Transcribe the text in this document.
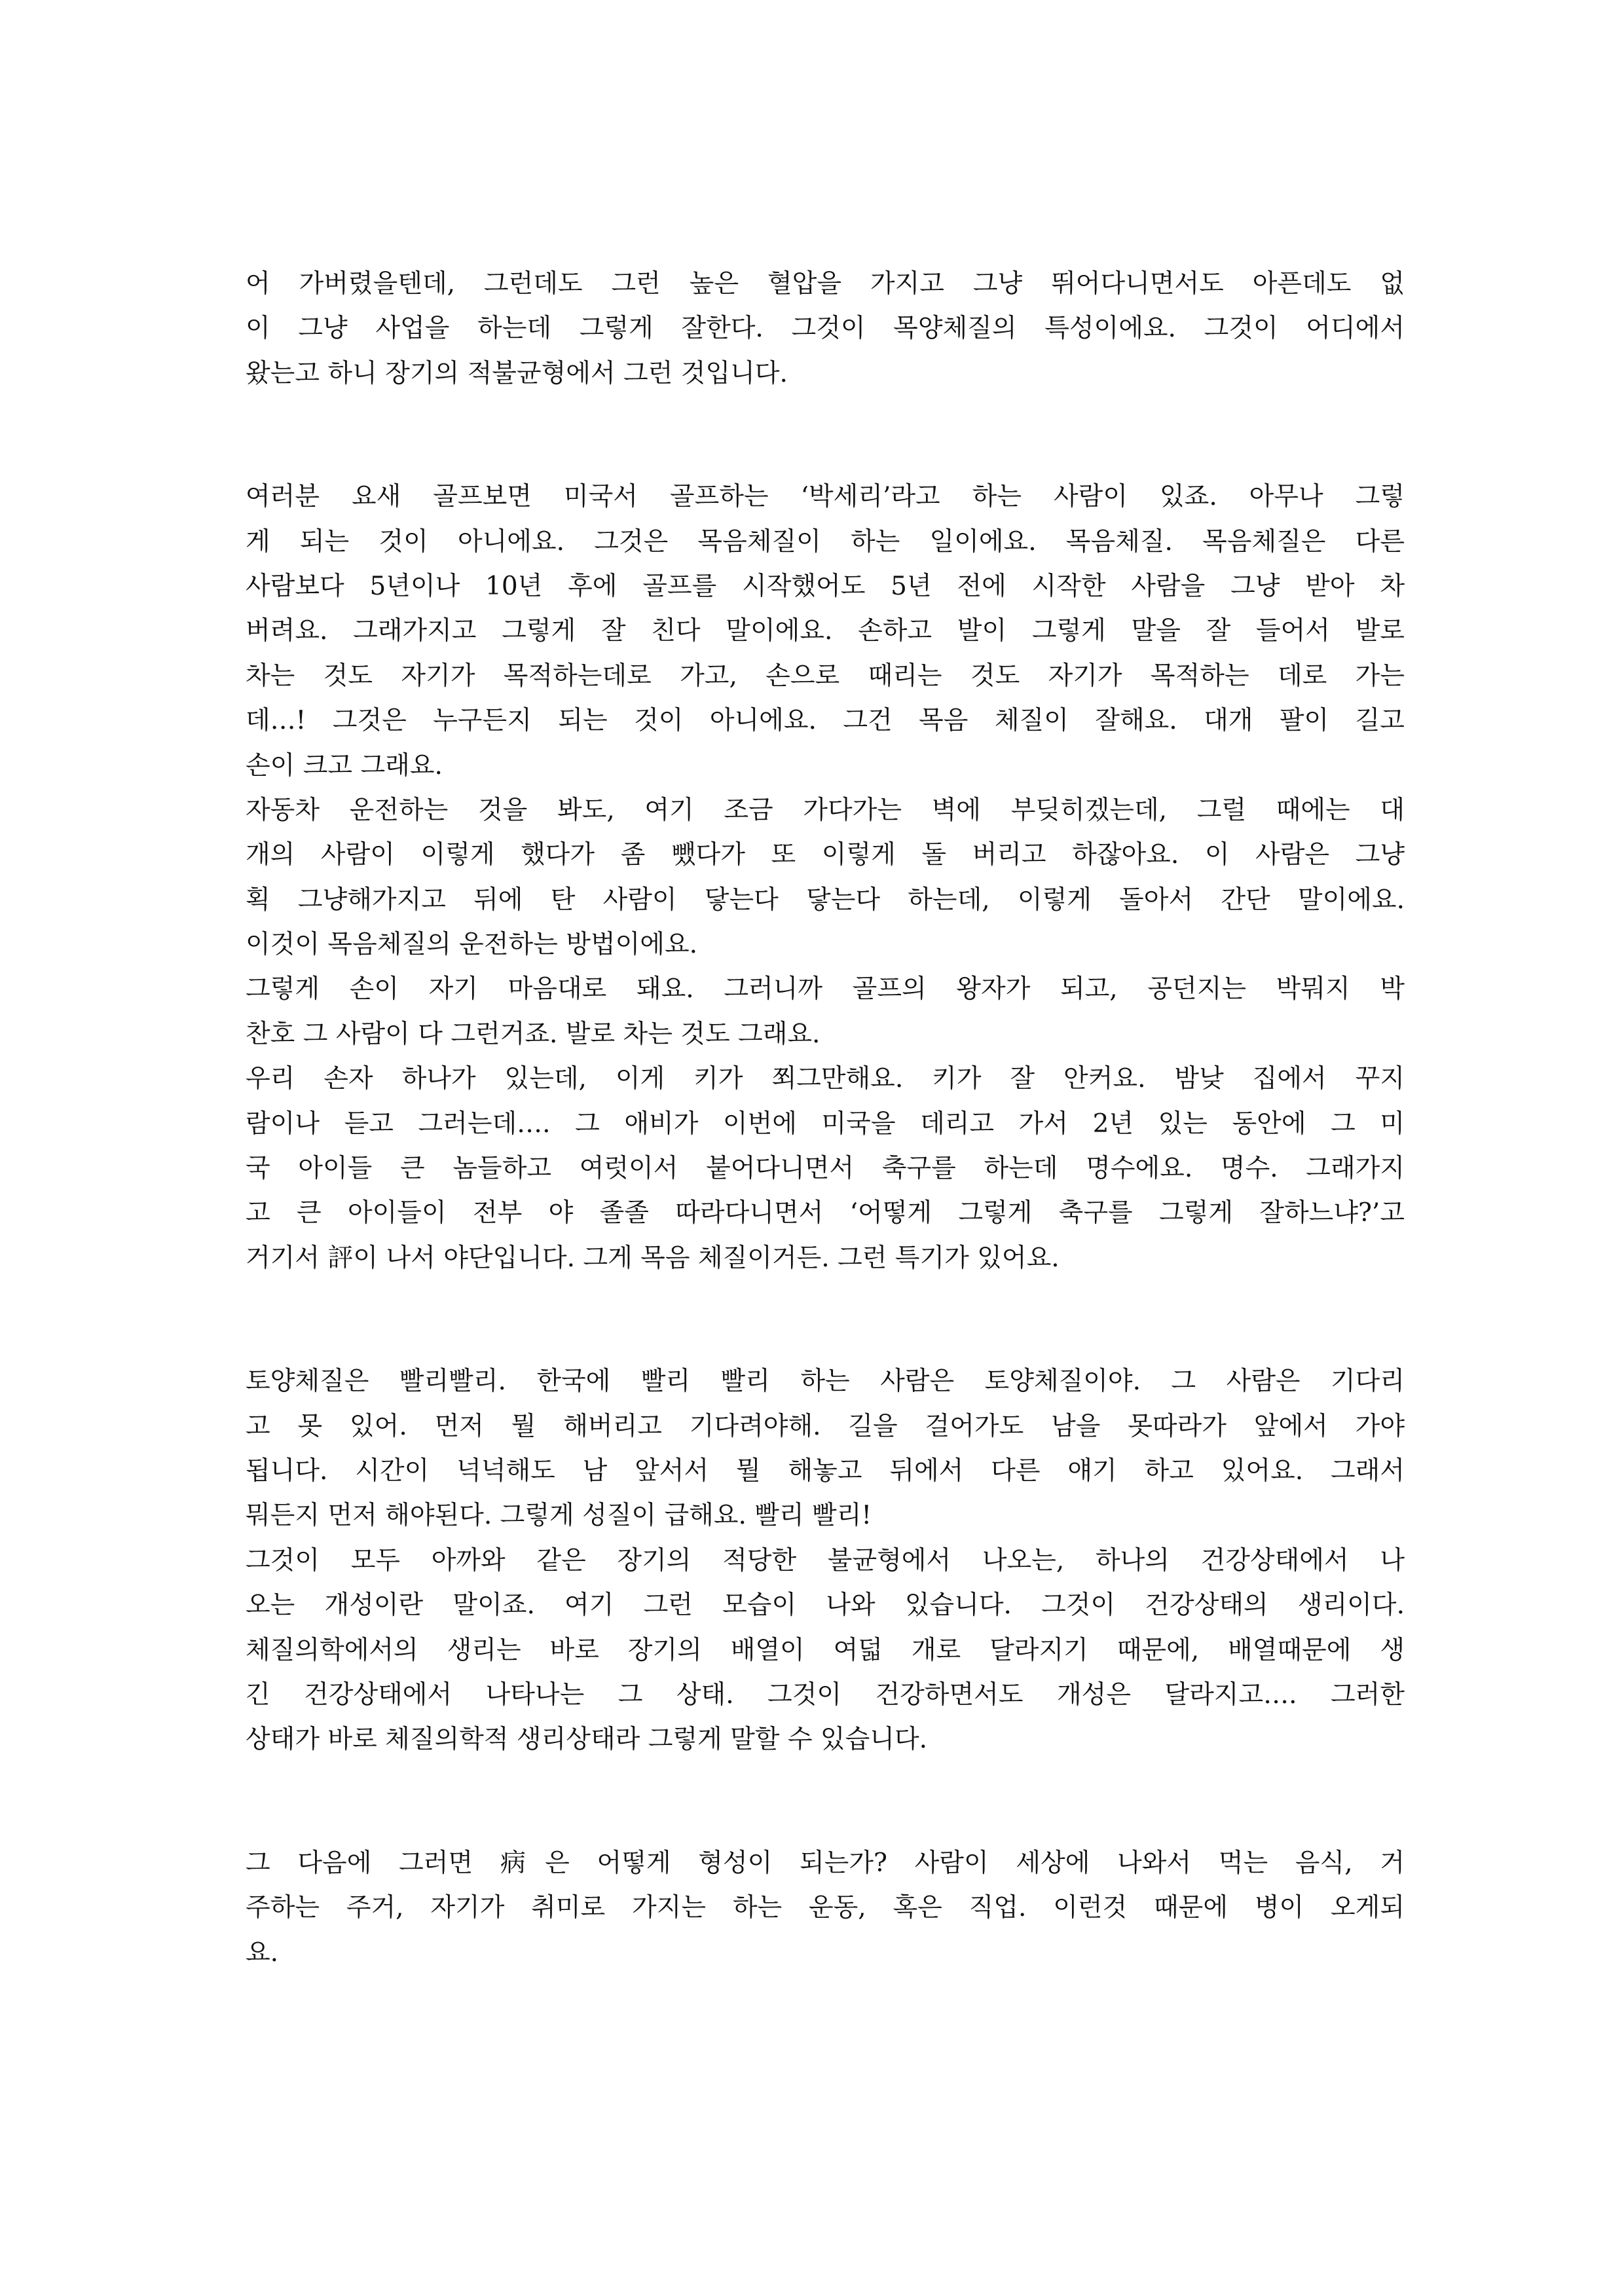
어 가버렸을텐데, 그런데도 그런 높은 혈압을 가지고 그냥 뛰어다니면서도 아픈데도 없
이 그냥 사업을 하는데 그렇게 잘한다. 그것이 목양체질의 특성이에요. 그것이 어디에서
왔는고 하니 장기의 적불균형에서 그런 것입니다.
여러분 요새 골프보면 미국서 골프하는 ‘박세리’라고 하는 사람이 있죠. 아무나 그렇
게 되는 것이 아니에요. 그것은 목음체질이 하는 일이에요. 목음체질. 목음체질은 다른
사람보다 5년이나 10년 후에 골프를 시작했어도 5년 전에 시작한 사람을 그냥 받아 차
버려요. 그래가지고 그렇게 잘 친다 말이에요. 손하고 발이 그렇게 말을 잘 들어서 발로
차는 것도 자기가 목적하는데로 가고, 손으로 때리는 것도 자기가 목적하는 데로 가는
데…! 그것은 누구든지 되는 것이 아니에요. 그건 목음 체질이 잘해요. 대개 팔이 길고
손이 크고 그래요.
자동차 운전하는 것을 봐도, 여기 조금 가다가는 벽에 부딪히겠는데, 그럴 때에는 대
개의 사람이 이렇게 했다가 좀 뺐다가 또 이렇게 돌 버리고 하잖아요. 이 사람은 그냥
획 그냥해가지고 뒤에 탄 사람이 닿는다 닿는다 하는데, 이렇게 돌아서 간단 말이에요.
이것이 목음체질의 운전하는 방법이에요.
그렇게 손이 자기 마음대로 돼요. 그러니까 골프의 왕자가 되고, 공던지는 박뭐지 박
찬호 그 사람이 다 그런거죠. 발로 차는 것도 그래요.
우리 손자 하나가 있는데, 이게 키가 쬐그만해요. 키가 잘 안커요. 밤낮 집에서 꾸지
람이나 듣고 그러는데…. 그 애비가 이번에 미국을 데리고 가서 2년 있는 동안에 그 미
국 아이들 큰 놈들하고 여럿이서 붙어다니면서 축구를 하는데 명수에요. 명수. 그래가지
고 큰 아이들이 전부 야 졸졸 따라다니면서 ‘어떻게 그렇게 축구를 그렇게 잘하느냐?’고
거기서 評이 나서 야단입니다. 그게 목음 체질이거든. 그런 특기가 있어요.
토양체질은 빨리빨리. 한국에 빨리 빨리 하는 사람은 토양체질이야. 그 사람은 기다리
고 못 있어. 먼저 뭘 해버리고 기다려야해. 길을 걸어가도 남을 못따라가 앞에서 가야
됩니다. 시간이 넉넉해도 남 앞서서 뭘 해놓고 뒤에서 다른 얘기 하고 있어요. 그래서
뭐든지 먼저 해야된다. 그렇게 성질이 급해요. 빨리 빨리!
그것이 모두 아까와 같은 장기의 적당한 불균형에서 나오는, 하나의 건강상태에서 나
오는 개성이란 말이죠. 여기 그런 모습이 나와 있습니다. 그것이 건강상태의 생리이다.
체질의학에서의 생리는 바로 장기의 배열이 여덟 개로 달라지기 때문에, 배열때문에 생
긴 건강상태에서 나타나는 그 상태. 그것이 건강하면서도 개성은 달라지고…. 그러한
상태가 바로 체질의학적 생리상태라 그렇게 말할 수 있습니다.
그 다음에 그러면 病은 어떻게 형성이 되는가? 사람이 세상에 나와서 먹는 음식, 거
주하는 주거, 자기가 취미로 가지는 하는 운동, 혹은 직업. 이런것 때문에 병이 오게되
요.
